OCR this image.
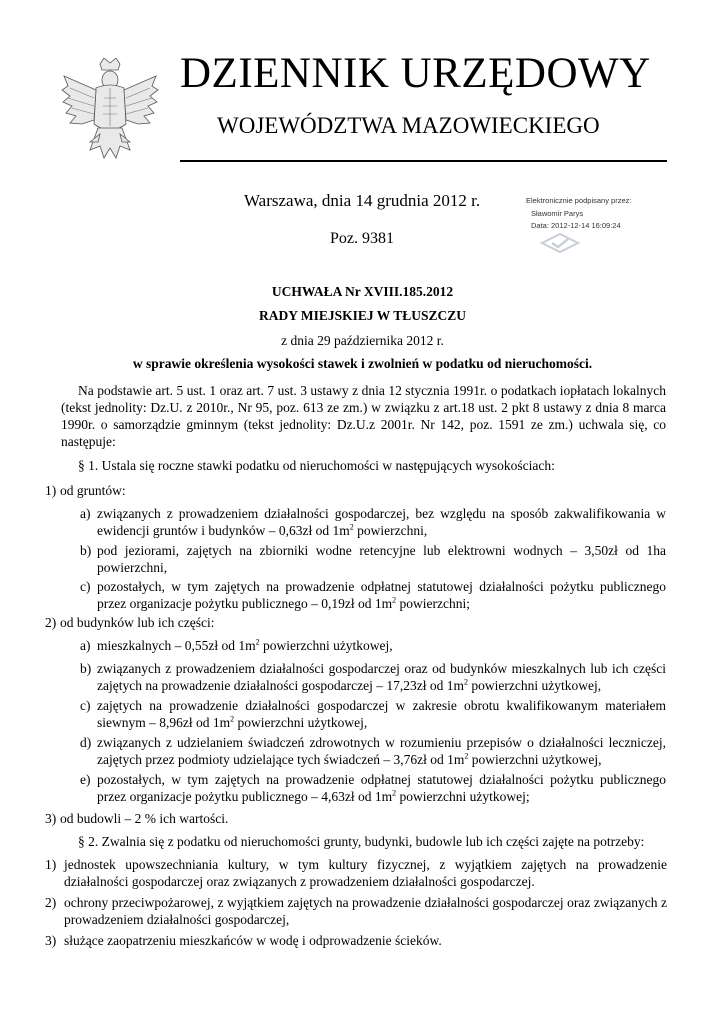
DZIENNIK URZĘDOWY
WOJEWÓDZTWA MAZOWIECKIEGO
Warszawa, dnia 14 grudnia 2012 r.
Poz. 9381
Elektronicznie podpisany przez:
Sławomir Parys
Data: 2012-12-14 16:09:24
UCHWAŁA Nr XVIII.185.2012
RADY MIEJSKIEJ W TŁUSZCZU
z dnia 29 października 2012 r.
w sprawie określenia wysokości stawek i zwolnień w podatku od nieruchomości.
Na podstawie art. 5 ust. 1 oraz art. 7 ust. 3 ustawy z dnia 12 stycznia 1991r. o podatkach iopłatach lokalnych (tekst jednolity: Dz.U. z 2010r., Nr 95, poz. 613 ze zm.) w związku z art.18 ust. 2 pkt 8 ustawy z dnia 8 marca 1990r. o samorządzie gminnym (tekst jednolity: Dz.U.z 2001r. Nr 142, poz. 1591 ze zm.) uchwala się, co następuje:
§ 1. Ustala się roczne stawki podatku od nieruchomości w następujących wysokościach:
1) od gruntów:
a) związanych z prowadzeniem działalności gospodarczej, bez względu na sposób zakwalifikowania w ewidencji gruntów i budynków – 0,63zł od $1m^2$ powierzchni,
b) pod jeziorami, zajętych na zbiorniki wodne retencyjne lub elektrowni wodnych – 3,50zł od 1ha powierzchni,
c) pozostałych, w tym zajętych na prowadzenie odpłatnej statutowej działalności pożytku publicznego przez organizacje pożytku publicznego – 0,19zł od $1m^2$ powierzchni;
2) od budynków lub ich części:
a) mieszkalnych – 0,55zł od $1m^2$ powierzchni użytkowej,
b) związanych z prowadzeniem działalności gospodarczej oraz od budynków mieszkalnych lub ich części zajętych na prowadzenie działalności gospodarczej – 17,23zł od $1m^2$ powierzchni użytkowej,
c) zajętych na prowadzenie działalności gospodarczej w zakresie obrotu kwalifikowanym materiałem siewnym – 8,96zł od $1m^2$ powierzchni użytkowej,
d) związanych z udzielaniem świadczeń zdrowotnych w rozumieniu przepisów o działalności leczniczej, zajętych przez podmioty udzielające tych świadczeń – 3,76zł od $1m^2$ powierzchni użytkowej,
e) pozostałych, w tym zajętych na prowadzenie odpłatnej statutowej działalności pożytku publicznego przez organizacje pożytku publicznego – 4,63zł od $1m^2$ powierzchni użytkowej;
3) od budowli – 2 % ich wartości.
§ 2. Zwalnia się z podatku od nieruchomości grunty, budynki, budowle lub ich części zajęte na potrzeby:
1) jednostek upowszechniania kultury, w tym kultury fizycznej, z wyjątkiem zajętych na prowadzenie działalności gospodarczej oraz związanych z prowadzeniem działalności gospodarczej.
2) ochrony przeciwpożarowej, z wyjątkiem zajętych na prowadzenie działalności gospodarczej oraz związanych z prowadzeniem działalności gospodarczej,
3) służące zaopatrzeniu mieszkańców w wodę i odprowadzenie ścieków.
